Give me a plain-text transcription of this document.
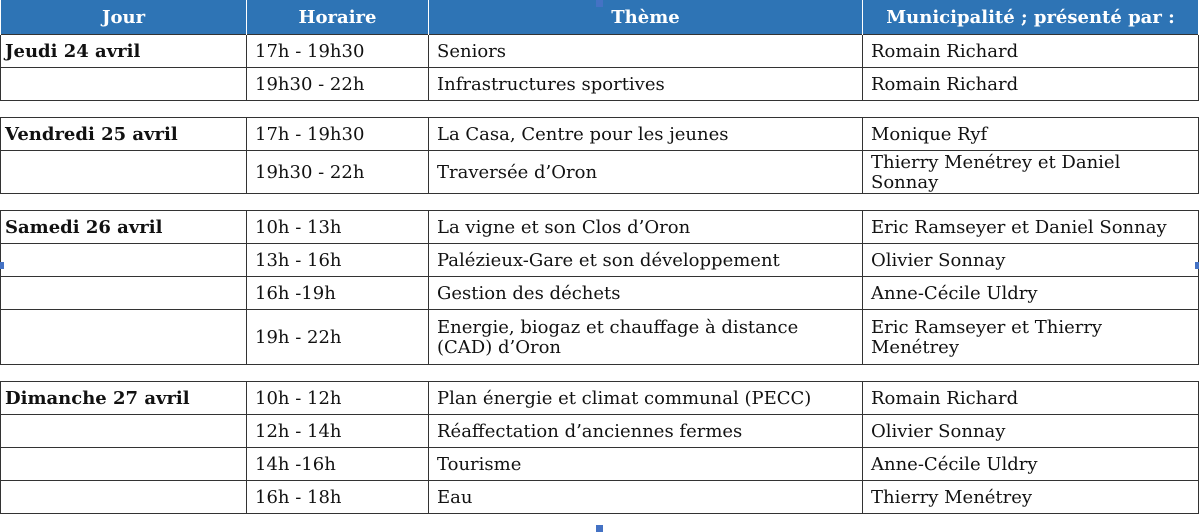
Jour	Horaire	Thème	Municipalité ; présenté par :
Jeudi 24 avril	17h - 19h30	Seniors	Romain Richard
	19h30 - 22h	Infrastructures sportives	Romain Richard

Vendredi 25 avril	17h - 19h30	La Casa, Centre pour les jeunes	Monique Ryf
	19h30 - 22h	Traversée d’Oron	Thierry Menétrey et Daniel Sonnay

Samedi 26 avril	10h - 13h	La vigne et son Clos d’Oron	Eric Ramseyer et Daniel Sonnay
	13h - 16h	Palézieux-Gare et son développement	Olivier Sonnay
	16h -19h	Gestion des déchets	Anne-Cécile Uldry
	19h - 22h	Energie, biogaz et chauffage à distance (CAD) d’Oron	Eric Ramseyer et Thierry Menétrey

Dimanche 27 avril	10h - 12h	Plan énergie et climat communal (PECC)	Romain Richard
	12h - 14h	Réaffectation d’anciennes fermes	Olivier Sonnay
	14h -16h	Tourisme	Anne-Cécile Uldry
	16h - 18h	Eau	Thierry Menétrey
